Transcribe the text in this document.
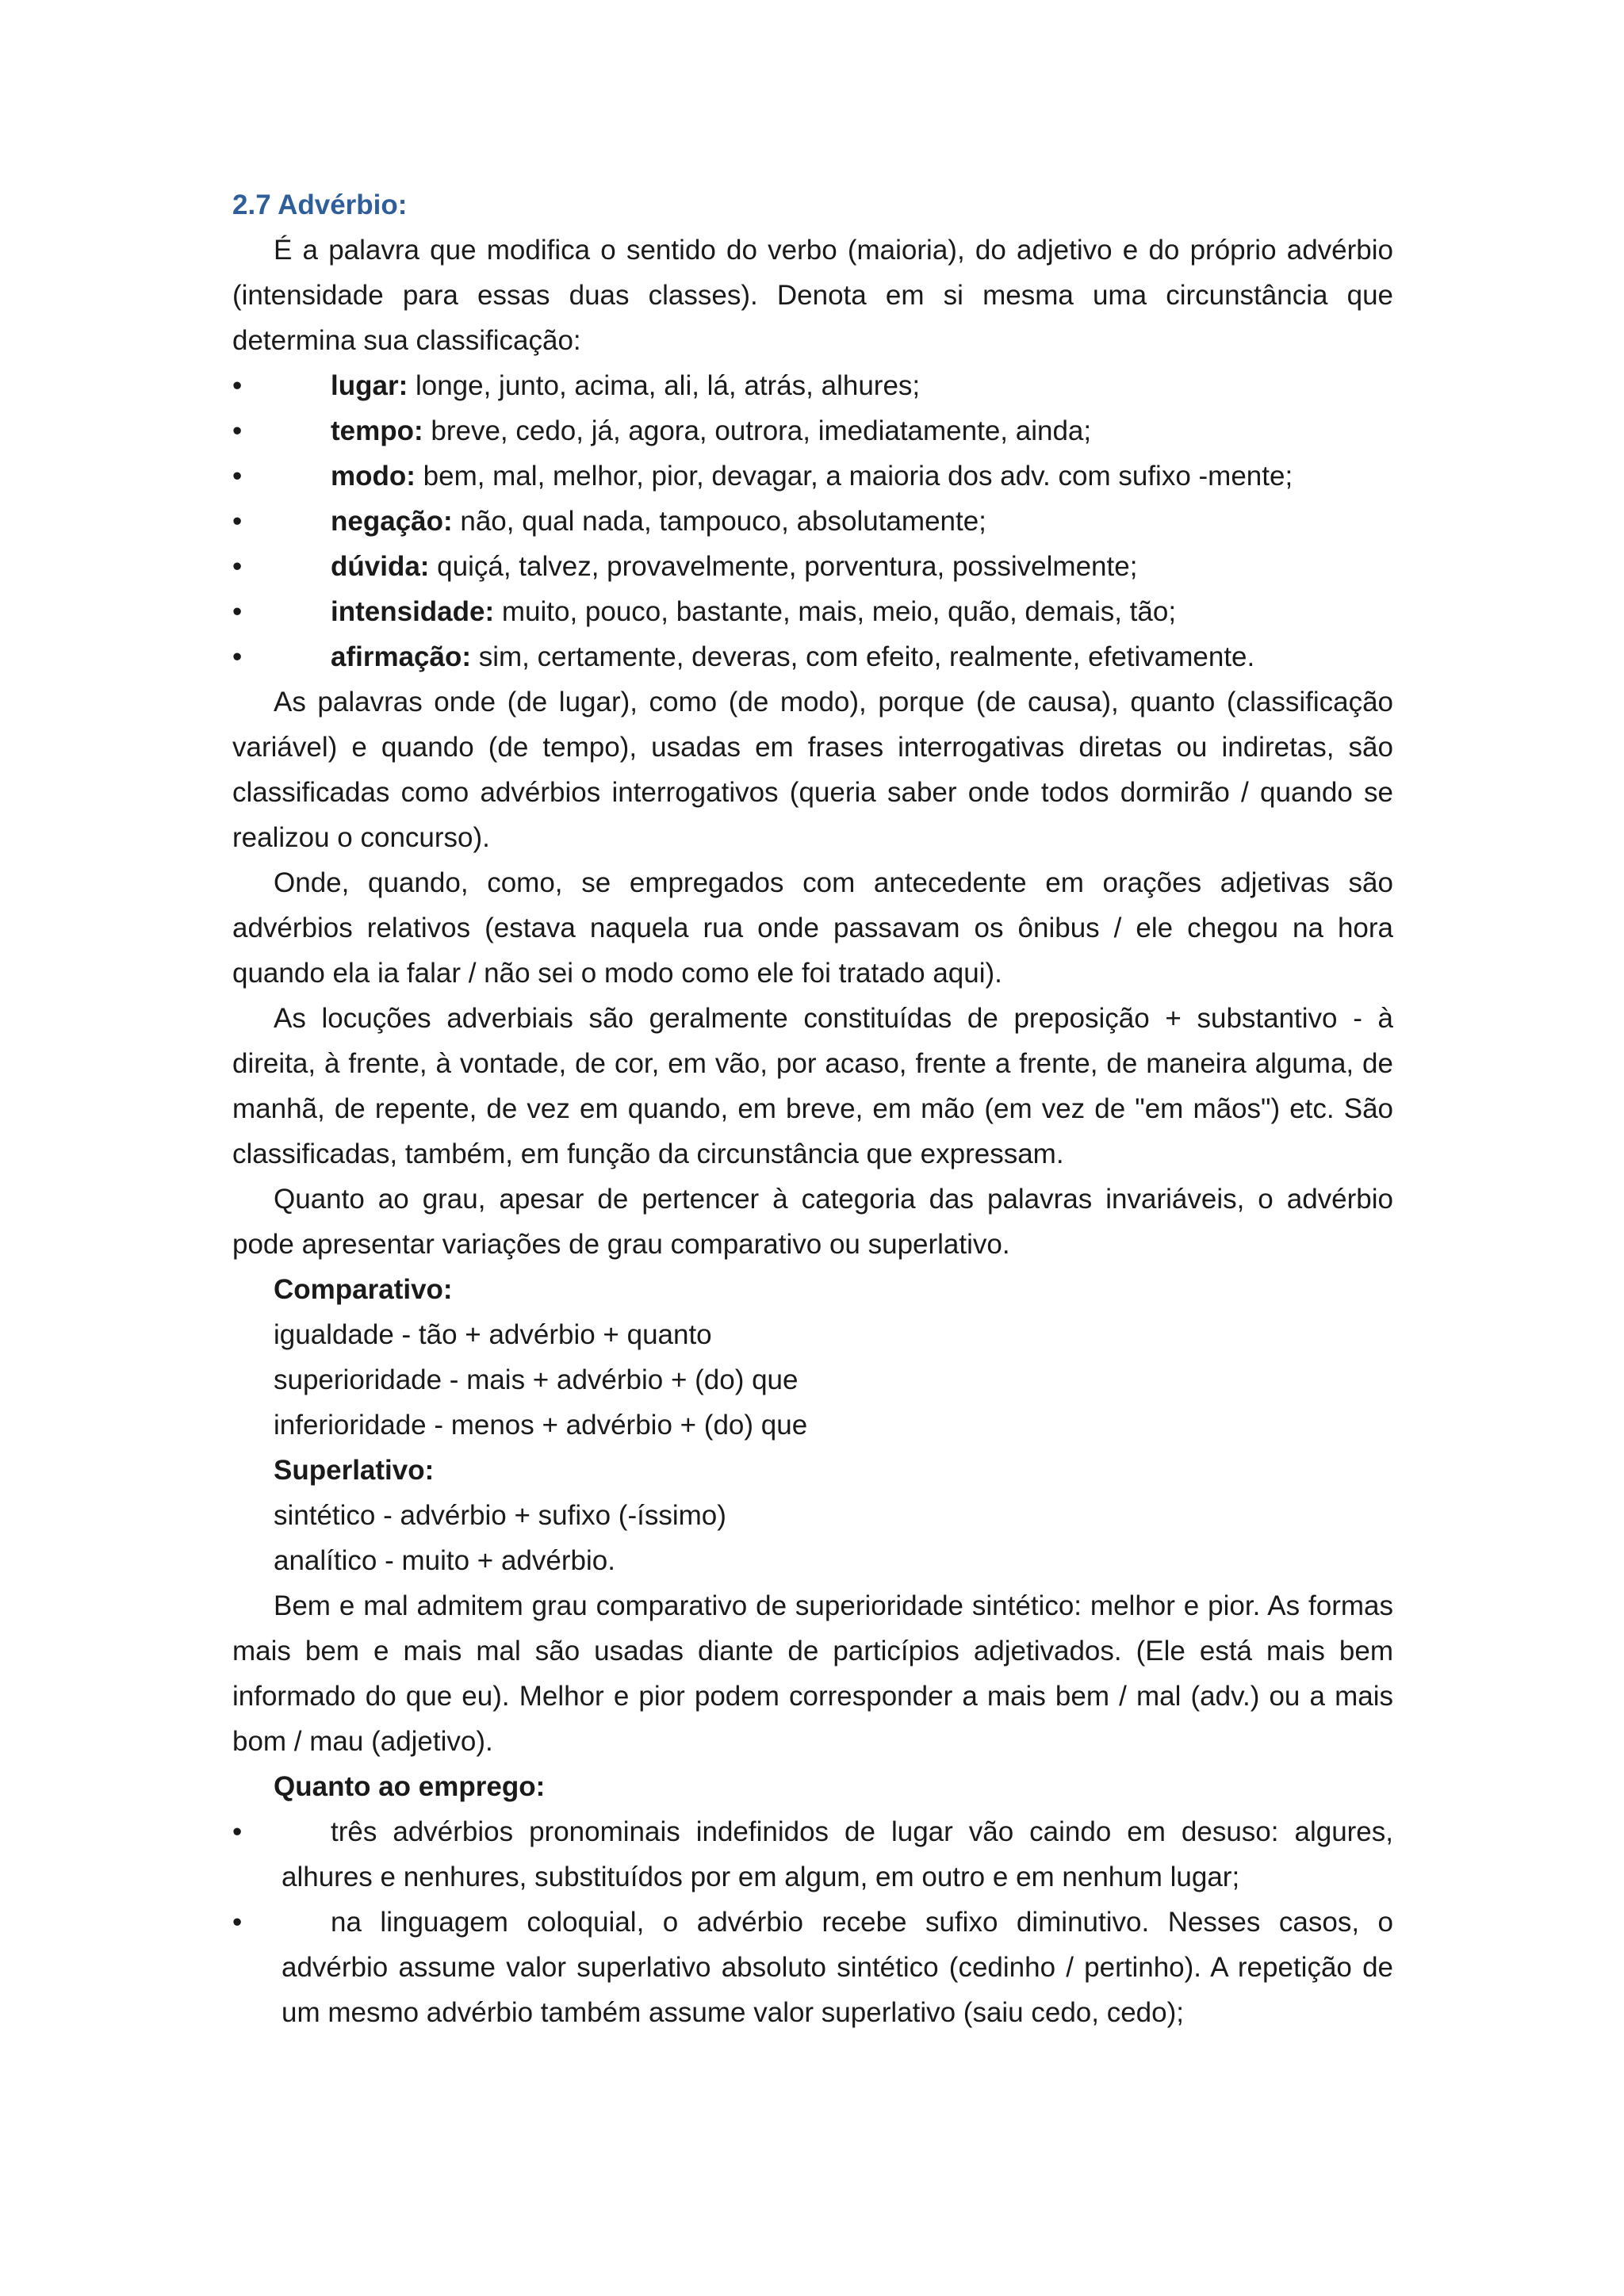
2.7 Advérbio:

É a palavra que modifica o sentido do verbo (maioria), do adjetivo e do próprio advérbio (intensidade para essas duas classes). Denota em si mesma uma circunstância que determina sua classificação:

•	lugar: longe, junto, acima, ali, lá, atrás, alhures;
•	tempo: breve, cedo, já, agora, outrora, imediatamente, ainda;
•	modo: bem, mal, melhor, pior, devagar, a maioria dos adv. com sufixo -mente;
•	negação: não, qual nada, tampouco, absolutamente;
•	dúvida: quiçá, talvez, provavelmente, porventura, possivelmente;
•	intensidade: muito, pouco, bastante, mais, meio, quão, demais, tão;
•	afirmação: sim, certamente, deveras, com efeito, realmente, efetivamente.

As palavras onde (de lugar), como (de modo), porque (de causa), quanto (classificação variável) e quando (de tempo), usadas em frases interrogativas diretas ou indiretas, são classificadas como advérbios interrogativos (queria saber onde todos dormirão / quando se realizou o concurso).

Onde, quando, como, se empregados com antecedente em orações adjetivas são advérbios relativos (estava naquela rua onde passavam os ônibus / ele chegou na hora quando ela ia falar / não sei o modo como ele foi tratado aqui).

As locuções adverbiais são geralmente constituídas de preposição + substantivo - à direita, à frente, à vontade, de cor, em vão, por acaso, frente a frente, de maneira alguma, de manhã, de repente, de vez em quando, em breve, em mão (em vez de "em mãos") etc. São classificadas, também, em função da circunstância que expressam.

Quanto ao grau, apesar de pertencer à categoria das palavras invariáveis, o advérbio pode apresentar variações de grau comparativo ou superlativo.

Comparativo:
igualdade - tão + advérbio + quanto
superioridade - mais + advérbio + (do) que
inferioridade - menos + advérbio + (do) que
Superlativo:
sintético - advérbio + sufixo (-íssimo)
analítico - muito + advérbio.

Bem e mal admitem grau comparativo de superioridade sintético: melhor e pior. As formas mais bem e mais mal são usadas diante de particípios adjetivados. (Ele está mais bem informado do que eu). Melhor e pior podem corresponder a mais bem / mal (adv.) ou a mais bom / mau (adjetivo).

Quanto ao emprego:
•	três advérbios pronominais indefinidos de lugar vão caindo em desuso: algures, alhures e nenhures, substituídos por em algum, em outro e em nenhum lugar;
•	na linguagem coloquial, o advérbio recebe sufixo diminutivo. Nesses casos, o advérbio assume valor superlativo absoluto sintético (cedinho / pertinho). A repetição de um mesmo advérbio também assume valor superlativo (saiu cedo, cedo);
